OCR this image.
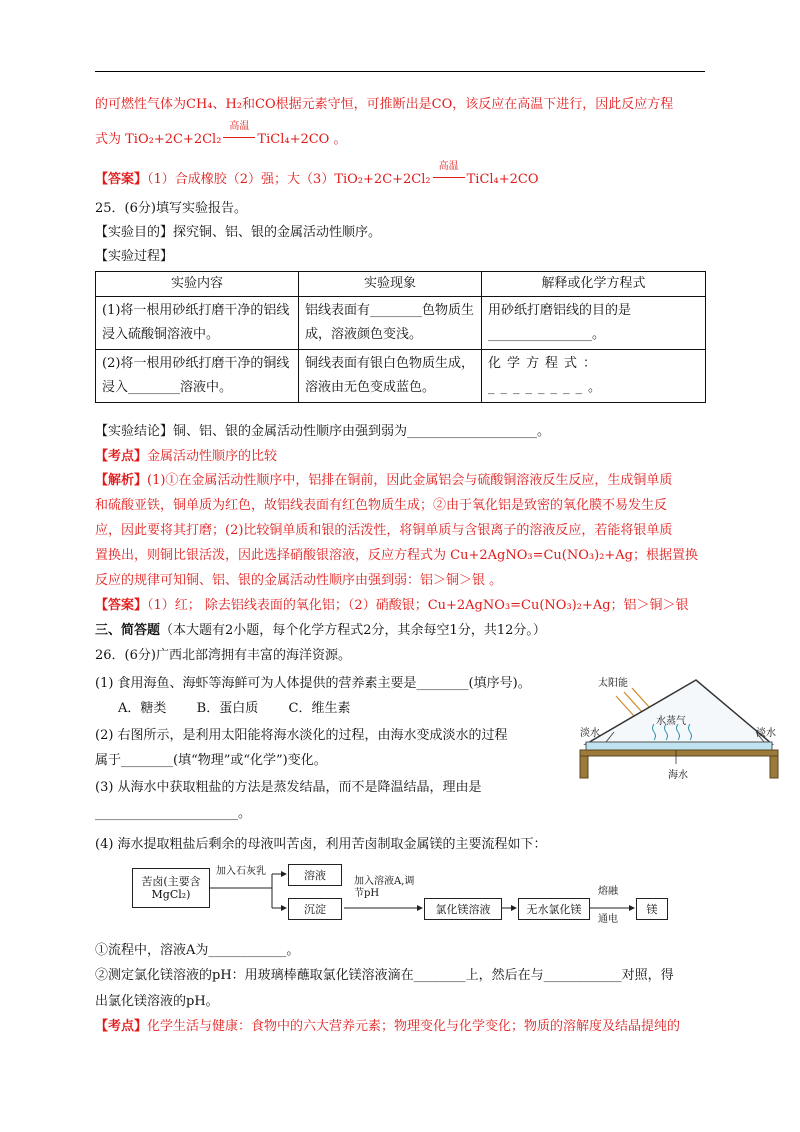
的可燃性气体为CH₄、H₂和CO根据元素守恒，可推断出是CO，该反应在高温下进行，因此反应方程
式为 TiO₂+2C+2Cl₂
高温
TiCl₄+2CO 。
【答案】（1）合成橡胶（2）强；大（3）TiO₂+2C+2Cl₂
高温
TiCl₄+2CO
25．(6分)填写实验报告。
【实验目的】探究铜、铝、银的金属活动性顺序。
【实验过程】
实验内容	实验现象	解释或化学方程式
(1)将一根用砂纸打磨干净的铝线浸入硫酸铜溶液中。	铝线表面有________色物质生成，溶液颜色变浅。	用砂纸打磨铝线的目的是________________。
(2)将一根用砂纸打磨干净的铜线浸入________溶液中。	铜线表面有银白色物质生成，溶液由无色变成蓝色。	化学方程式：________。
【实验结论】铜、铝、银的金属活动性顺序由强到弱为____________________。
【考点】金属活动性顺序的比较
【解析】(1)①在金属活动性顺序中，铝排在铜前，因此金属铝会与硫酸铜溶液反生反应，生成铜单质
和硫酸亚铁，铜单质为红色，故铝线表面有红色物质生成；②由于氧化铝是致密的氧化膜不易发生反
应，因此要将其打磨；(2)比较铜单质和银的活泼性，将铜单质与含银离子的溶液反应，若能将银单质
置换出，则铜比银活泼，因此选择硝酸银溶液，反应方程式为 Cu+2AgNO₃=Cu(NO₃)₂+Ag；根据置换
反应的规律可知铜、铝、银的金属活动性顺序由强到弱：铝＞铜＞银 。
【答案】（1）红； 除去铝线表面的氧化铝；（2）硝酸银；Cu+2AgNO₃=Cu(NO₃)₂+Ag；铝＞铜＞银
三、简答题（本大题有2小题，每个化学方程式2分，其余每空1分，共12分。）
26．(6分)广西北部湾拥有丰富的海洋资源。
(1) 食用海鱼、海虾等海鲜可为人体提供的营养素主要是________(填序号)。
A．糖类 B．蛋白质 C．维生素
(2) 右图所示，是利用太阳能将海水淡化的过程，由海水变成淡水的过程
属于________(填“物理”或“化学”)变化。
(3) 从海水中获取粗盐的方法是蒸发结晶，而不是降温结晶，理由是
______________________。
(4) 海水提取粗盐后剩余的母液叫苦卤，利用苦卤制取金属镁的主要流程如下：
太阳能
水蒸气
淡水	淡水
海水
苦卤(主要含MgCl₂)
加入石灰乳	溶液
沉淀
加入溶液A,调节pH
氯化镁溶液	无水氯化镁
熔融
通电
镁
①流程中，溶液A为____________。
②测定氯化镁溶液的pH：用玻璃棒蘸取氯化镁溶液滴在________上，然后在与____________对照，得
出氯化镁溶液的pH。
【考点】化学生活与健康：食物中的六大营养元素；物理变化与化学变化；物质的溶解度及结晶提纯的
